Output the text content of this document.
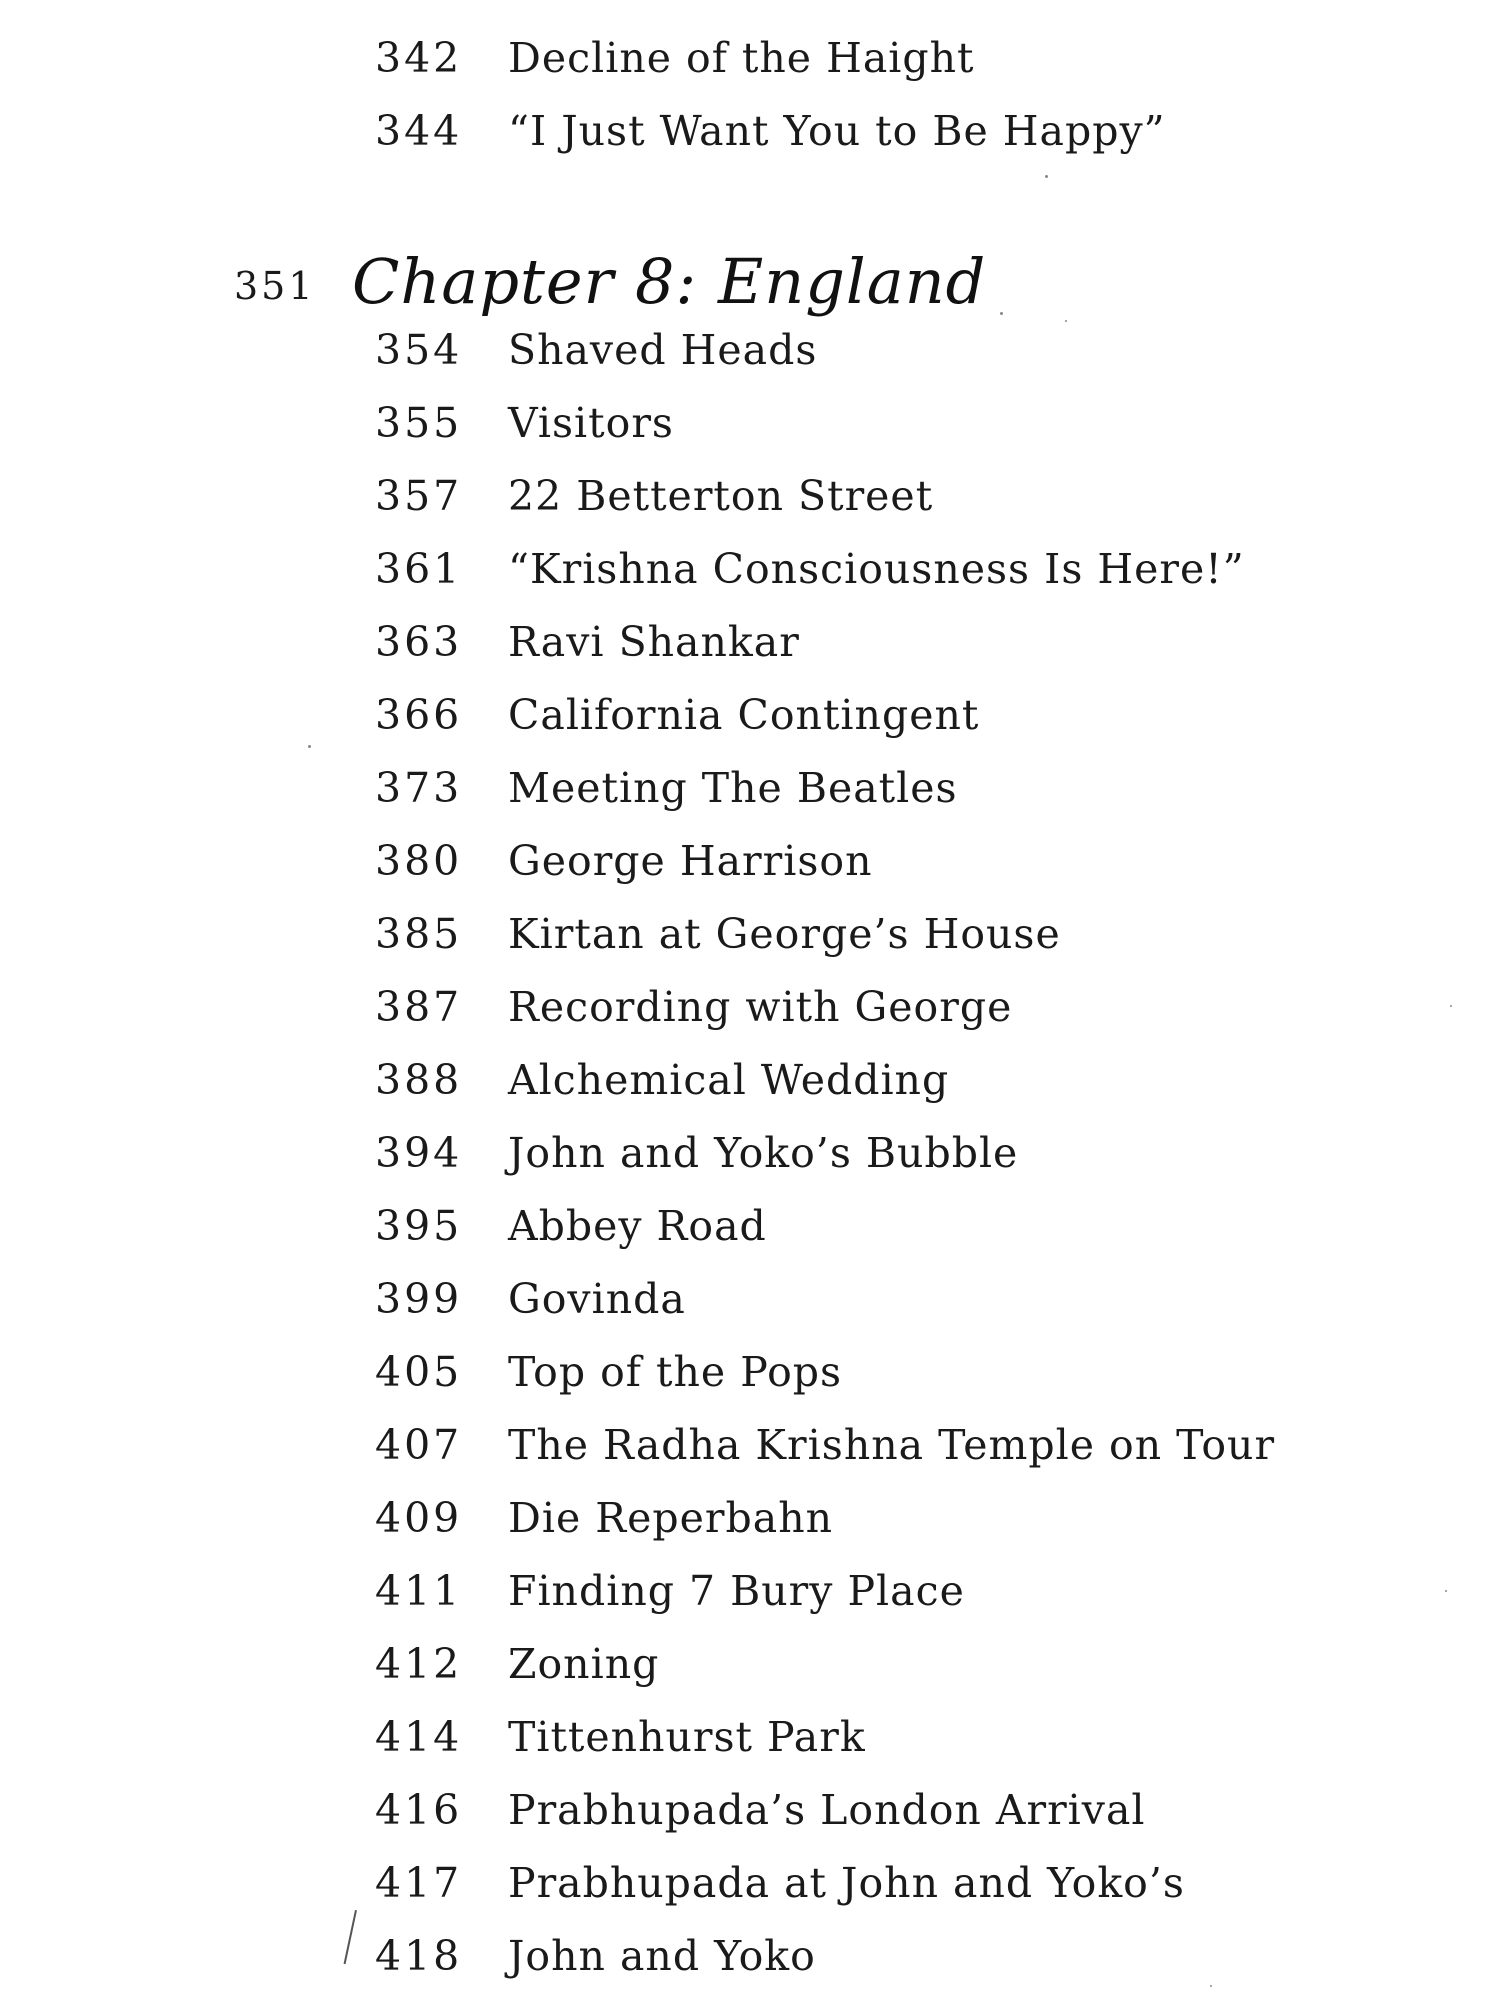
342 Decline of the Haight
344 “I Just Want You to Be Happy”
351 Chapter 8: England
354 Shaved Heads
355 Visitors
357 22 Betterton Street
361 “Krishna Consciousness Is Here!”
363 Ravi Shankar
366 California Contingent
373 Meeting The Beatles
380 George Harrison
385 Kirtan at George’s House
387 Recording with George
388 Alchemical Wedding
394 John and Yoko’s Bubble
395 Abbey Road
399 Govinda
405 Top of the Pops
407 The Radha Krishna Temple on Tour
409 Die Reperbahn
411 Finding 7 Bury Place
412 Zoning
414 Tittenhurst Park
416 Prabhupada’s London Arrival
417 Prabhupada at John and Yoko’s
418 John and Yoko
